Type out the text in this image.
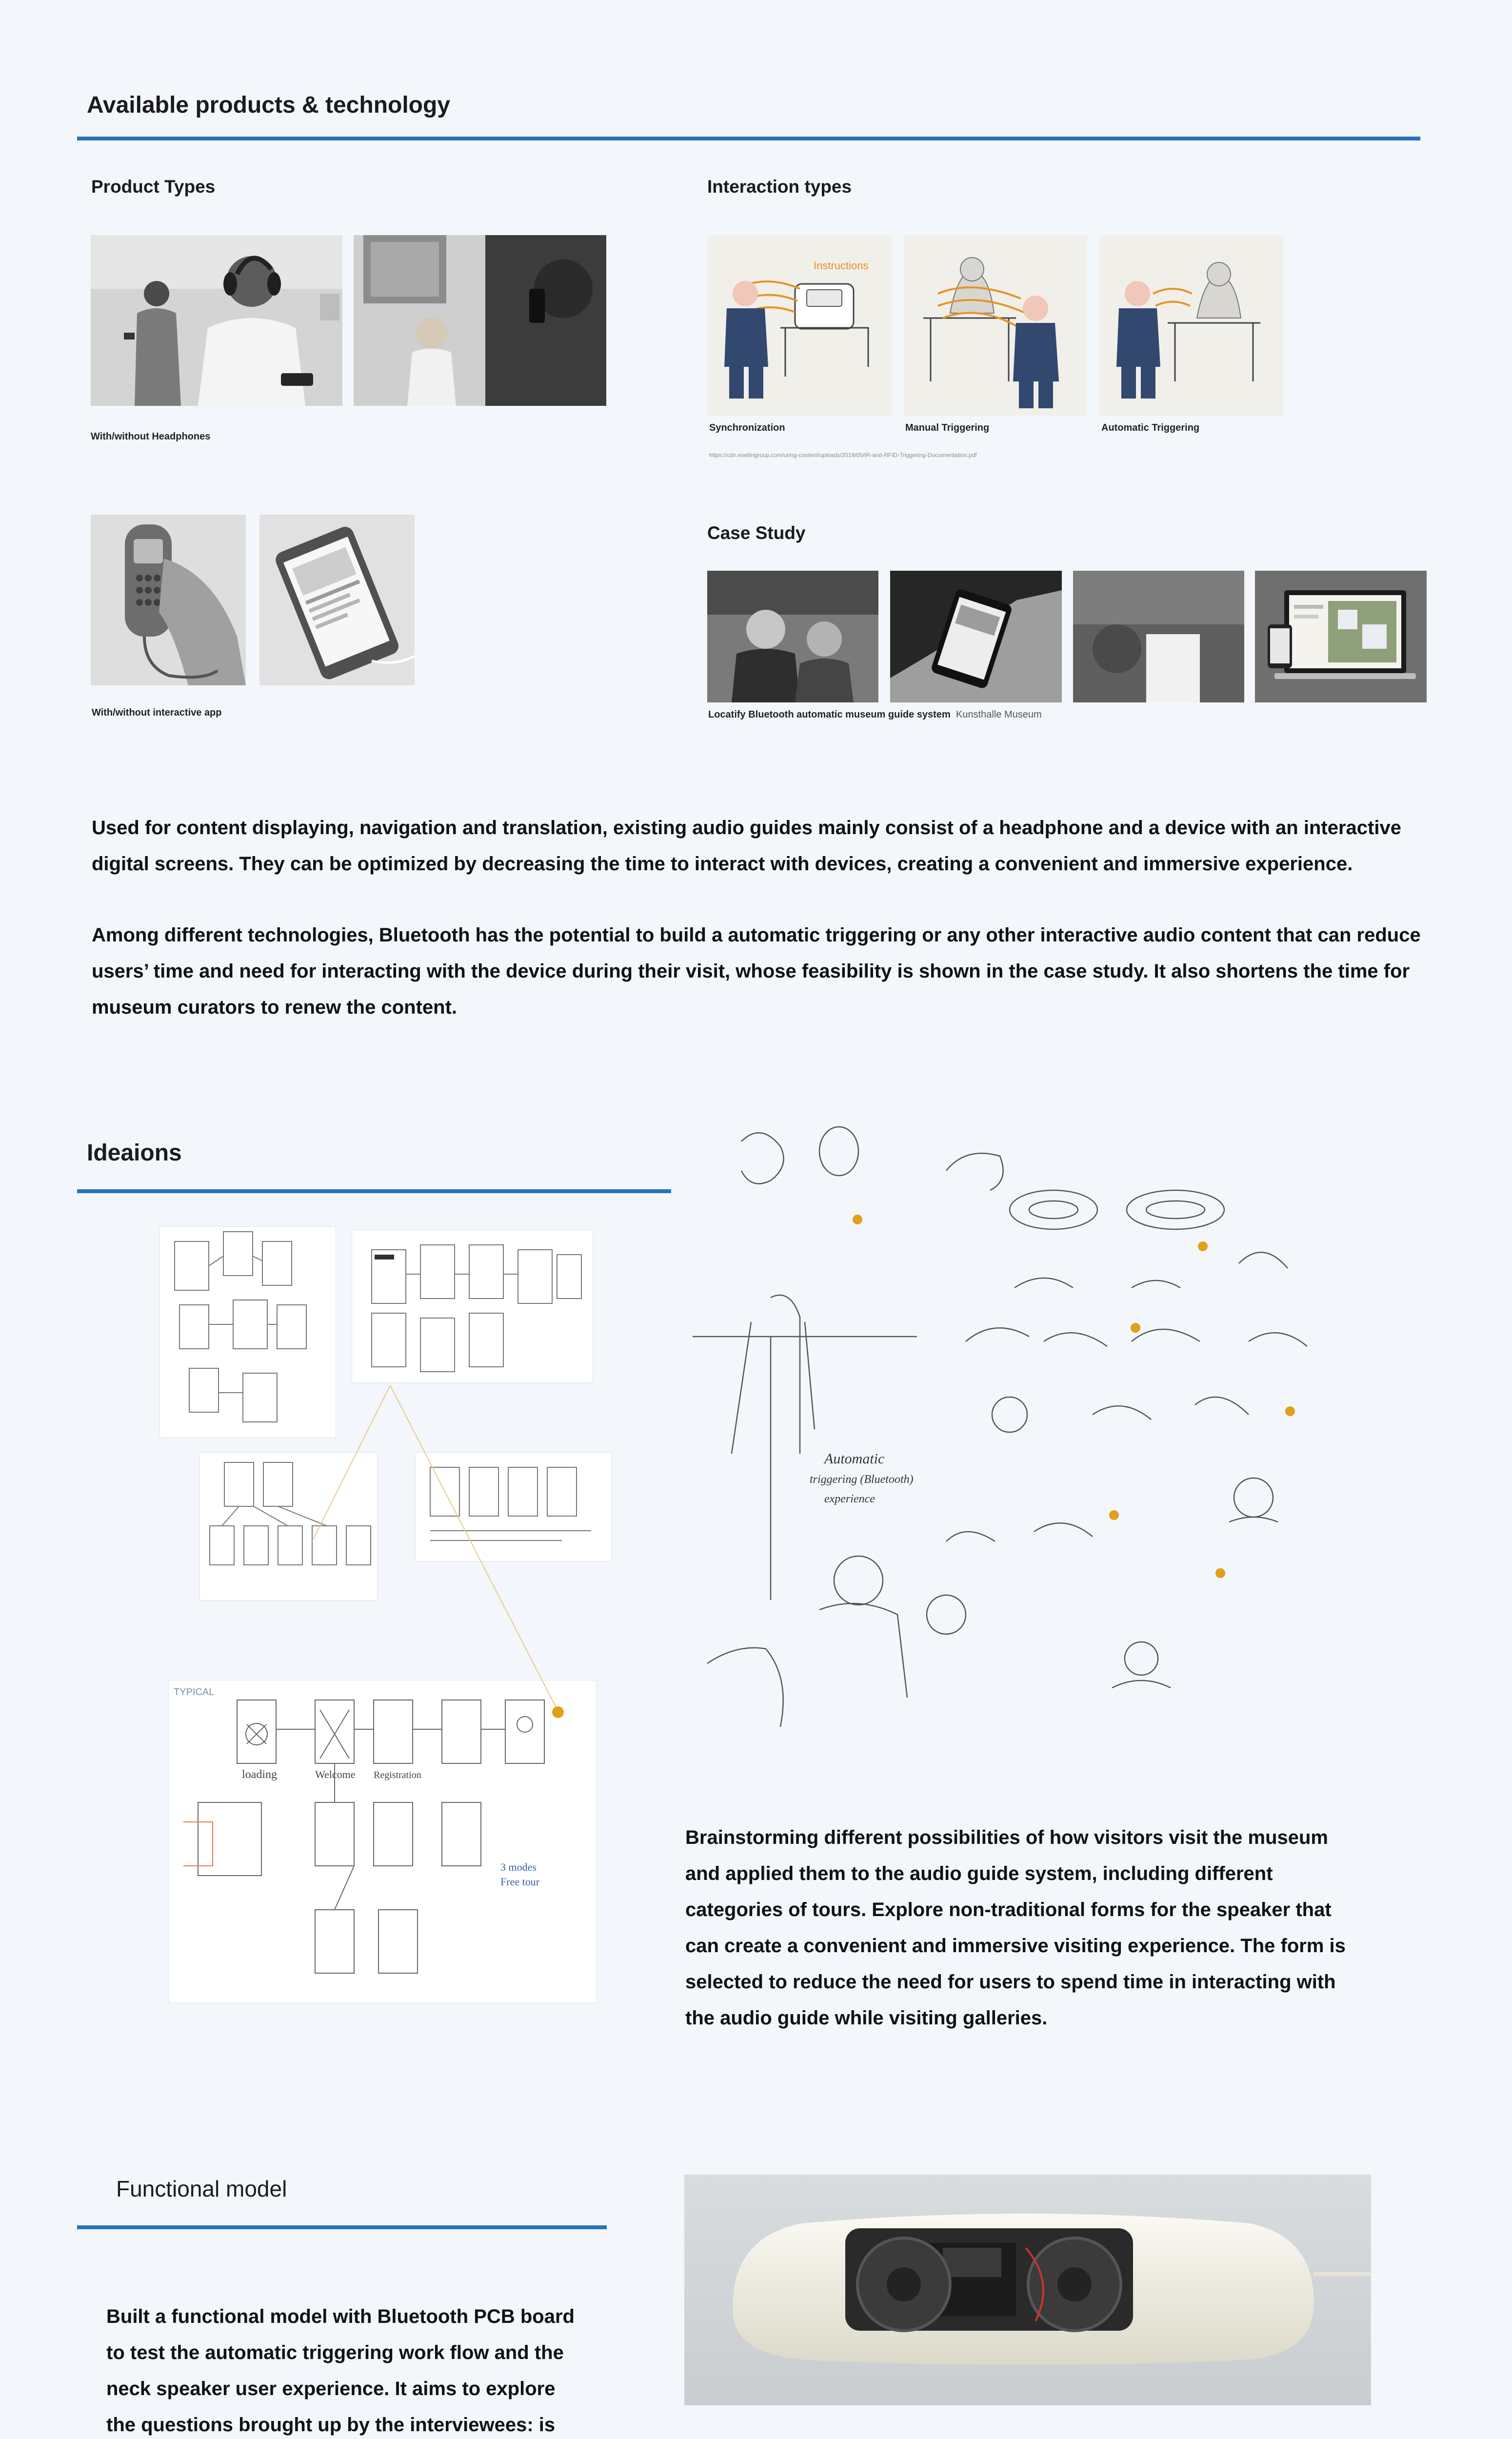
Available products & technology
Product Types	Interaction types
With/without Headphones
Instructions
Synchronization	Manual Triggering	Automatic Triggering
https://cdn.exellingroup.com/uring-content/uploads/2019/05/IR-and-RFID-Triggering-Documentation.pdf
With/without interactive app
Case Study
Locatify Bluetooth automatic museum guide system Kunsthalle Museum
Used for content displaying, navigation and translation, existing audio guides mainly consist of a headphone and a device with an interactive digital screens. They can be optimized by decreasing the time to interact with devices, creating a convenient and immersive experience.
Among different technologies, Bluetooth has the potential to build a automatic triggering or any other interactive audio content that can reduce users’ time and need for interacting with the device during their visit, whose feasibility is shown in the case study. It also shortens the time for museum curators to renew the content.
Ideaions
TYPICAL
loading	Welcome Registration
3 modes
Free tour
Automatic
triggering (Bluetooth)
experience
Brainstorming different possibilities of how visitors visit the museum and applied them to the audio guide system, including different categories of tours. Explore non-traditional forms for the speaker that can create a convenient and immersive visiting experience. The form is selected to reduce the need for users to spend time in interacting with the audio guide while visiting galleries.
Functional model
Built a functional model with Bluetooth PCB board to test the automatic triggering work flow and the neck speaker user experience. It aims to explore the questions brought up by the interviewees: is
